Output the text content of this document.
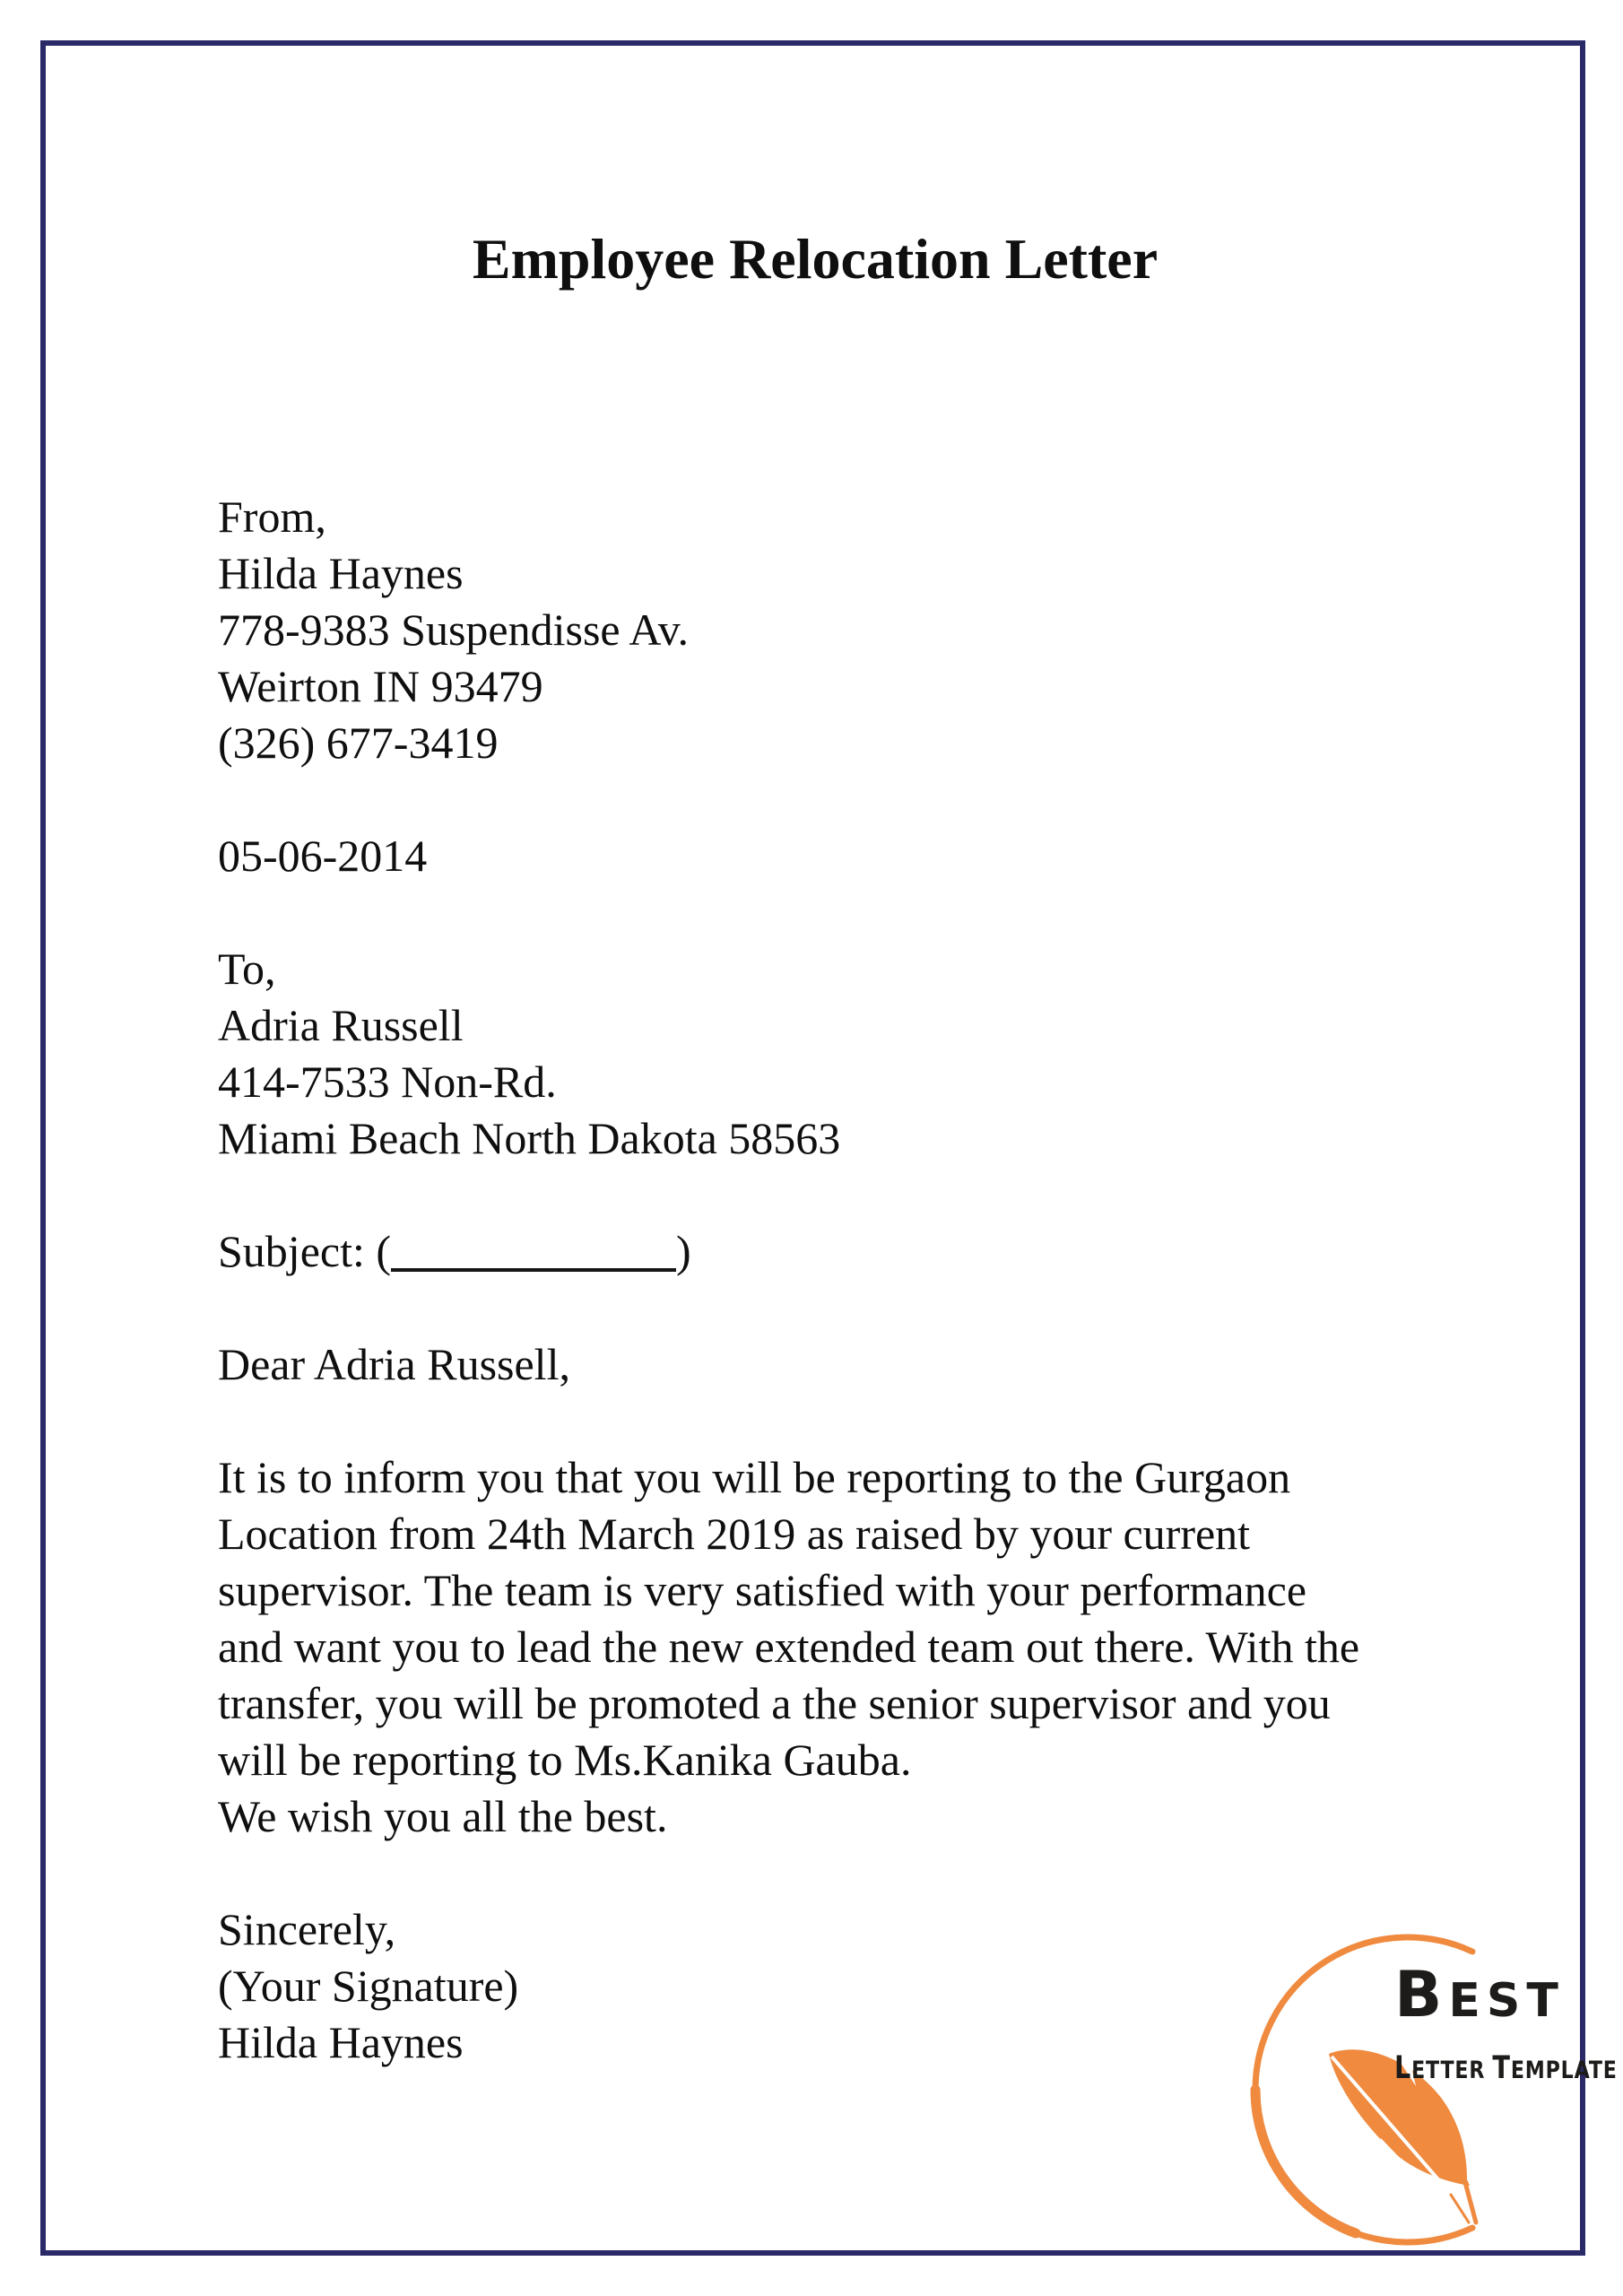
Employee Relocation Letter
From,
Hilda Haynes
778-9383 Suspendisse Av.
Weirton IN 93479
(326) 677-3419
05-06-2014
To,
Adria Russell
414-7533 Non-Rd.
Miami Beach North Dakota 58563
Subject: (	)
Dear Adria Russell,
It is to inform you that you will be reporting to the Gurgaon
Location from 24th March 2019 as raised by your current
supervisor. The team is very satisfied with your performance
and want you to lead the new extended team out there. With the
transfer, you will be promoted a the senior supervisor and you
will be reporting to Ms.Kanika Gauba.
We wish you all the best.
Sincerely,
(Your Signature)
Hilda Haynes
BEST
LETTER TEMPLATE
